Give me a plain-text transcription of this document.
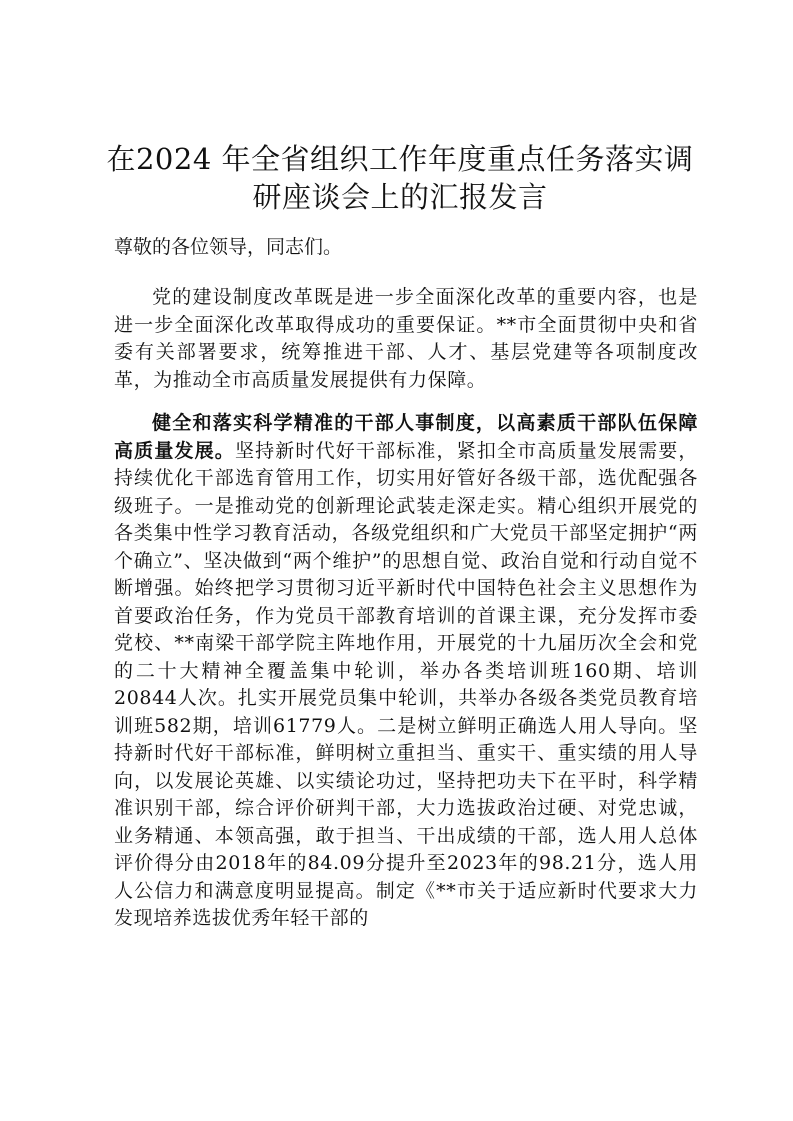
在2024 年全省组织工作年度重点任务落实调
研座谈会上的汇报发言

尊敬的各位领导，同志们。

党的建设制度改革既是进一步全面深化改革的重要内容，也是进一步全面深化改革取得成功的重要保证。**市全面贯彻中央和省委有关部署要求，统筹推进干部、人才、基层党建等各项制度改革，为推动全市高质量发展提供有力保障。

健全和落实科学精准的干部人事制度，以高素质干部队伍保障高质量发展。坚持新时代好干部标准，紧扣全市高质量发展需要，持续优化干部选育管用工作，切实用好管好各级干部，选优配强各级班子。一是推动党的创新理论武装走深走实。精心组织开展党的各类集中性学习教育活动，各级党组织和广大党员干部坚定拥护“两个确立”、坚决做到“两个维护”的思想自觉、政治自觉和行动自觉不断增强。始终把学习贯彻习近平新时代中国特色社会主义思想作为首要政治任务，作为党员干部教育培训的首课主课，充分发挥市委党校、**南梁干部学院主阵地作用，开展党的十九届历次全会和党的二十大精神全覆盖集中轮训，举办各类培训班160期、培训20844人次。扎实开展党员集中轮训，共举办各级各类党员教育培训班582期，培训61779人。二是树立鲜明正确选人用人导向。坚持新时代好干部标准，鲜明树立重担当、重实干、重实绩的用人导向，以发展论英雄、以实绩论功过，坚持把功夫下在平时，科学精准识别干部，综合评价研判干部，大力选拔政治过硬、对党忠诚，业务精通、本领高强，敢于担当、干出成绩的干部，选人用人总体评价得分由2018年的84.09分提升至2023年的98.21分，选人用人公信力和满意度明显提高。制定《**市关于适应新时代要求大力发现培养选拔优秀年轻干部的
